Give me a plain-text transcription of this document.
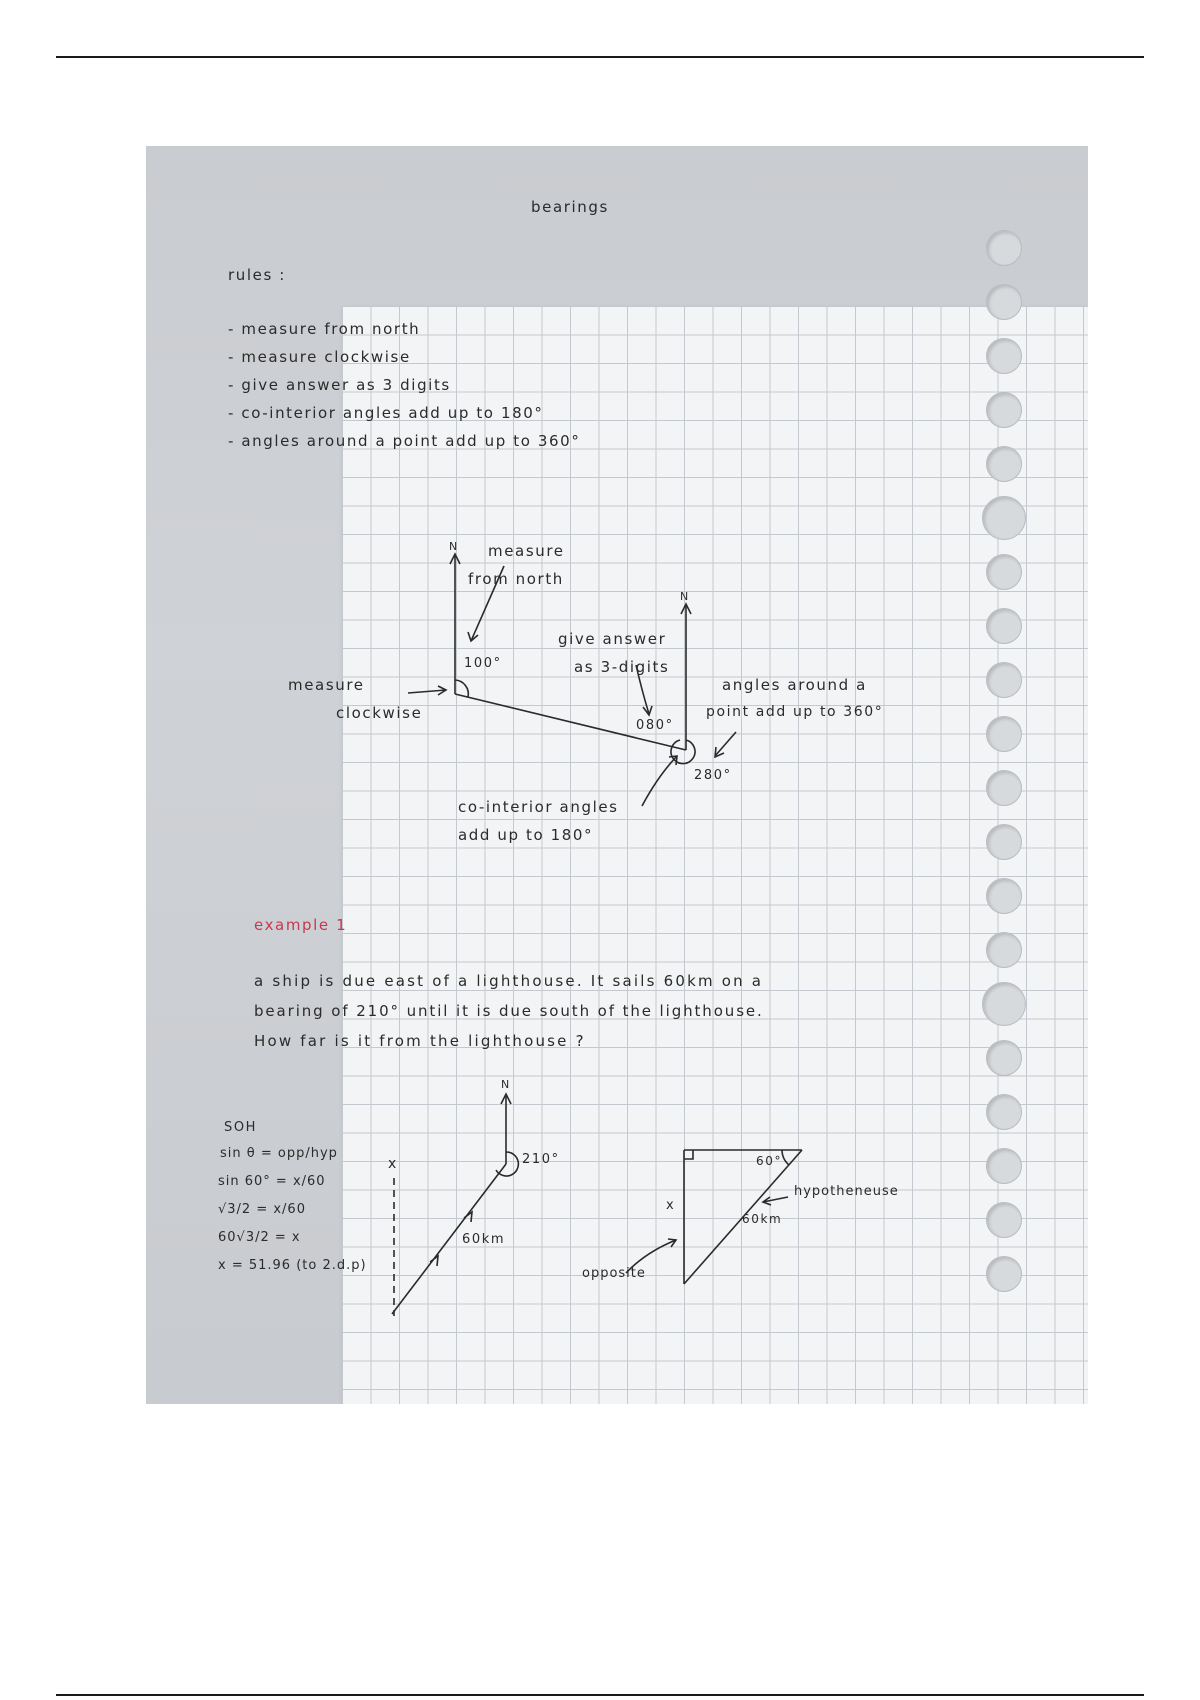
bearings
rules :
- measure from north
- measure clockwise
- give answer as 3 digits
- co-interior angles add up to 180°
- angles around a point add up to 360°
N
N
measure
from north
100°
measure
clockwise
give answer
as 3-digits
080°
angles around a
point add up to 360°
280°
co-interior angles
add up to 180°
example 1
a ship is due east of a lighthouse. It sails 60km on a
bearing of 210° until it is due south of the lighthouse.
How far is it from the lighthouse ?
SOH
sin θ = opp/hyp
sin 60° = x/60
√3/2 = x/60
60√3/2 = x
x = 51.96 (to 2.d.p)
N
x	210°
60km
60°
x
hypotheneuse
60km
opposite
